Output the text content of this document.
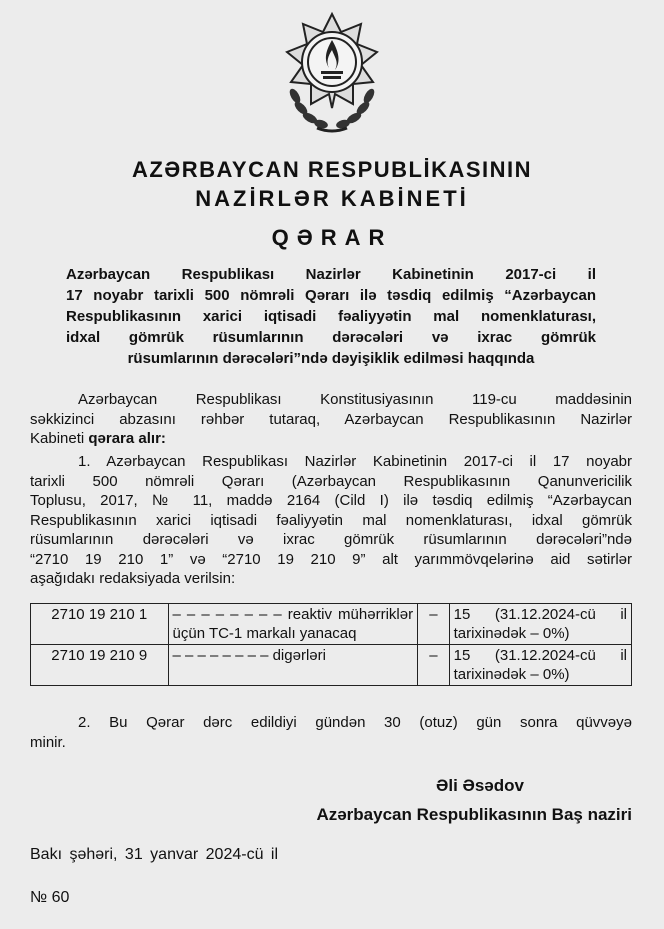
AZƏRBAYCAN RESPUBLİKASININ
NAZİRLƏR KABİNETİ
QƏRAR
Azərbaycan Respublikası Nazirlər Kabinetinin 2017-ci il
17 noyabr tarixli 500 nömrəli Qərarı ilə təsdiq edilmiş “Azərbaycan
Respublikasının xarici iqtisadi fəaliyyətin mal nomenklaturası,
idxal gömrük rüsumlarının dərəcələri və ixrac gömrük
rüsumlarının dərəcələri”ndə dəyişiklik edilməsi haqqında
Azərbaycan Respublikası Konstitusiyasının 119-cu maddəsinin
səkkizinci abzasını rəhbər tutaraq, Azərbaycan Respublikasının Nazirlər
Kabineti qərara alır:
1. Azərbaycan Respublikası Nazirlər Kabinetinin 2017-ci il 17 noyabr
tarixli 500 nömrəli Qərarı (Azərbaycan Respublikasının Qanunvericilik
Toplusu, 2017, № 11, maddə 2164 (Cild I) ilə təsdiq edilmiş “Azərbaycan
Respublikasının xarici iqtisadi fəaliyyətin mal nomenklaturası, idxal gömrük
rüsumlarının dərəcələri və ixrac gömrük rüsumlarının dərəcələri”ndə
“2710 19 210 1” və “2710 19 210 9” alt yarımmövqelərinə aid sətirlər
aşağıdakı redaksiyada verilsin:
2710 19 210 1	– – – – – – – – reaktiv mühərriklər üçün TC-1 markalı yanacaq	–	15 (31.12.2024-cü il tarixinədək – 0%)
2710 19 210 9	– – – – – – – – digərləri	–	15 (31.12.2024-cü il tarixinədək – 0%)
2. Bu Qərar dərc edildiyi gündən 30 (otuz) gün sonra qüvvəyə
minir.
Əli Əsədov
Azərbaycan Respublikasının Baş naziri
Bakı şəhəri, 31 yanvar 2024-cü il
№ 60
